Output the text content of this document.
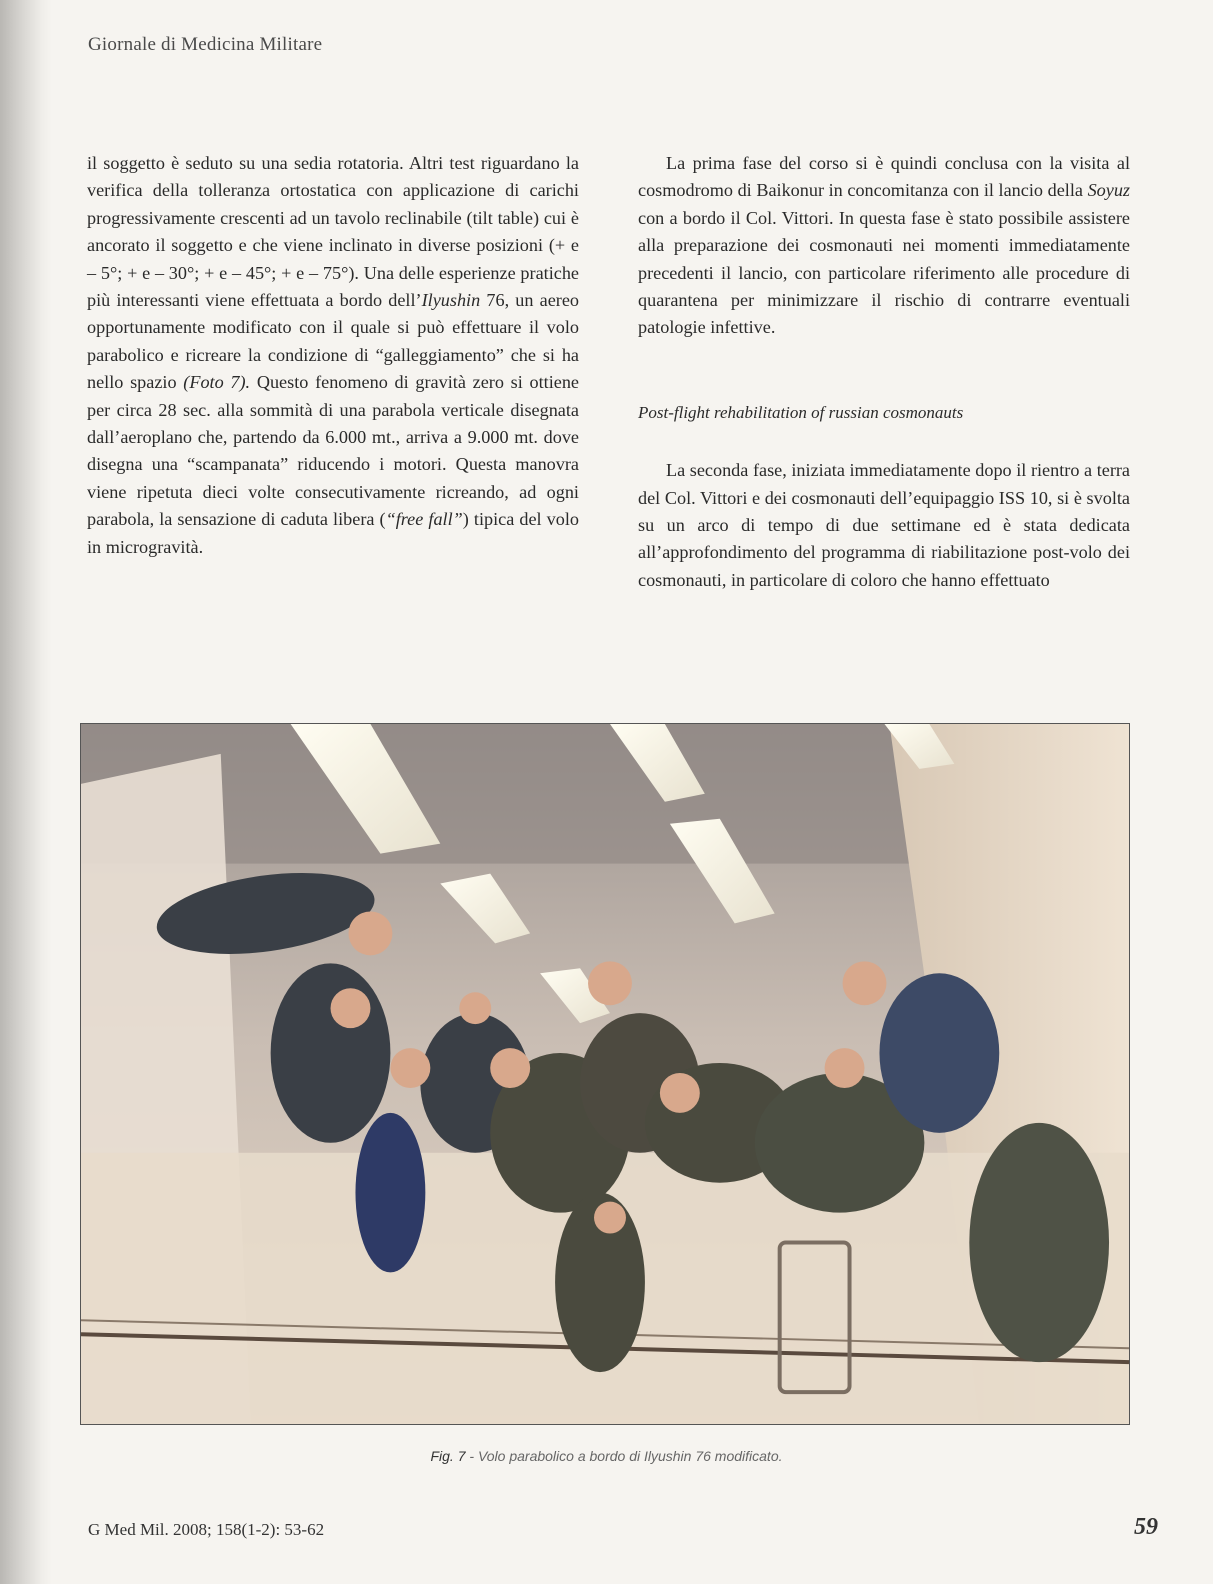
Giornale di Medicina Militare

il soggetto è seduto su una sedia rotatoria. Altri test riguardano la verifica della tolleranza ortostatica con applicazione di carichi progressivamente crescenti ad un tavolo reclinabile (tilt table) cui è ancorato il soggetto e che viene inclinato in diverse posizioni (+ e – 5°; + e – 30°; + e – 45°; + e – 75°). Una delle esperienze pratiche più interessanti viene effettuata a bordo dell’Ilyushin 76, un aereo opportunamente modificato con il quale si può effettuare il volo parabolico e ricreare la condizione di “galleggiamento” che si ha nello spazio (Foto 7). Questo fenomeno di gravità zero si ottiene per circa 28 sec. alla sommità di una parabola verticale disegnata dall’aeroplano che, partendo da 6.000 mt., arriva a 9.000 mt. dove disegna una “scampanata” riducendo i motori. Questa manovra viene ripetuta dieci volte consecutivamente ricreando, ad ogni parabola, la sensazione di caduta libera (“free fall”) tipica del volo in microgravità.

La prima fase del corso si è quindi conclusa con la visita al cosmodromo di Baikonur in concomitanza con il lancio della Soyuz con a bordo il Col. Vittori. In questa fase è stato possibile assistere alla preparazione dei cosmonauti nei momenti immediatamente precedenti il lancio, con particolare riferimento alle procedure di quarantena per minimizzare il rischio di contrarre eventuali patologie infettive.

Post-flight rehabilitation of russian cosmonauts

La seconda fase, iniziata immediatamente dopo il rientro a terra del Col. Vittori e dei cosmonauti dell’equipaggio ISS 10, si è svolta su un arco di tempo di due settimane ed è stata dedicata all’approfondimento del programma di riabilitazione post-volo dei cosmonauti, in particolare di coloro che hanno effettuato

Fig. 7 - Volo parabolico a bordo di Ilyushin 76 modificato.
G Med Mil. 2008; 158(1-2): 53-62	59
